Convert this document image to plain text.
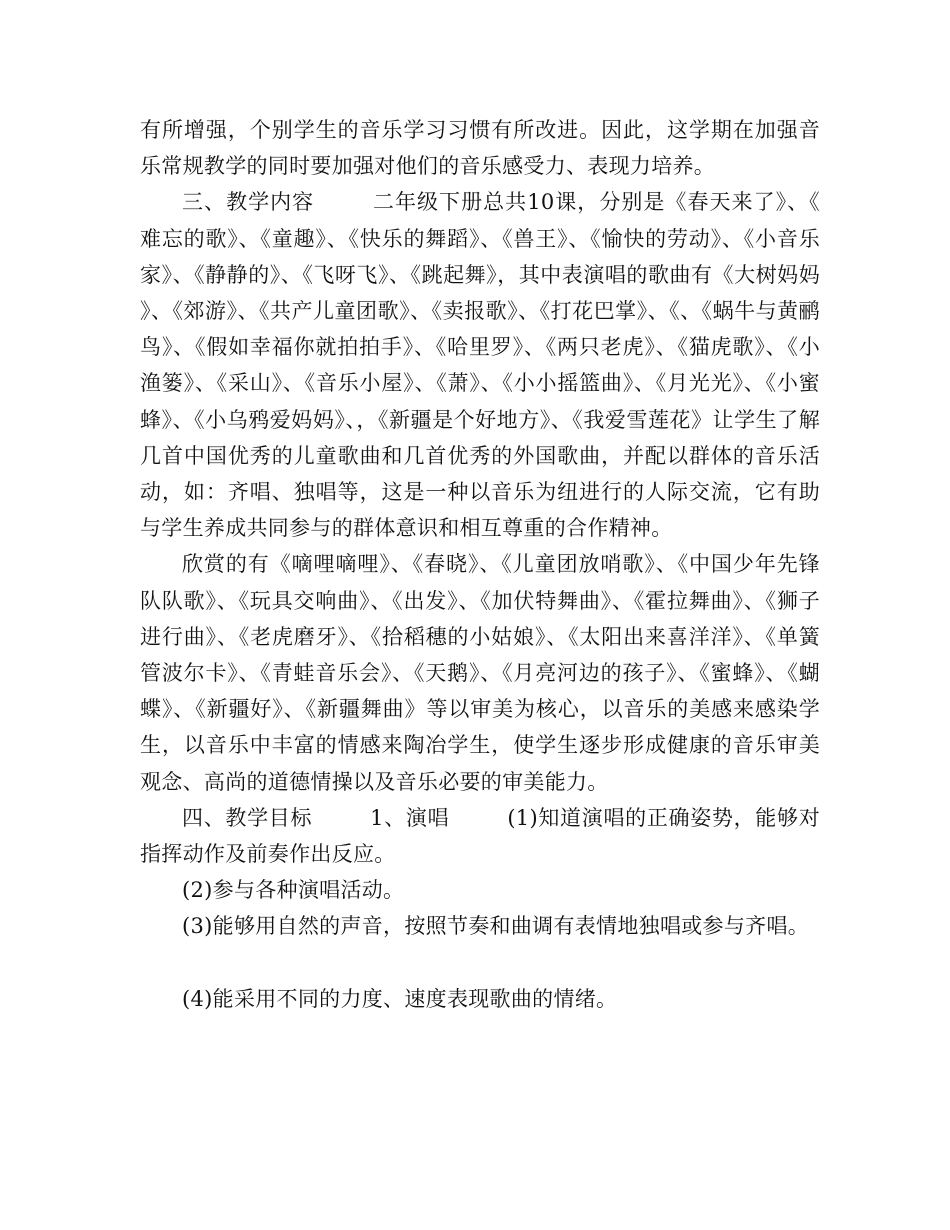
有所增强，个别学生的音乐学习习惯有所改进。因此，这学期在加强音乐常规教学的同时要加强对他们的音乐感受力、表现力培养。

三、教学内容	二年级下册总共10课，分别是《春天来了》、《难忘的歌》、《童趣》、《快乐的舞蹈》、《兽王》、《愉快的劳动》、《小音乐家》、《静静的》、《飞呀飞》、《跳起舞》，其中表演唱的歌曲有《大树妈妈》、《郊游》、《共产儿童团歌》、《卖报歌》、《打花巴掌》、《、《蜗牛与黄鹂鸟》、《假如幸福你就拍拍手》、《哈里罗》、《两只老虎》、《猫虎歌》、《小渔篓》、《采山》、《音乐小屋》、《萧》、《小小摇篮曲》、《月光光》、《小蜜蜂》、《小乌鸦爱妈妈》、，《新疆是个好地方》、《我爱雪莲花》让学生了解几首中国优秀的儿童歌曲和几首优秀的外国歌曲，并配以群体的音乐活动，如：齐唱、独唱等，这是一种以音乐为纽进行的人际交流，它有助与学生养成共同参与的群体意识和相互尊重的合作精神。

欣赏的有《嘀哩嘀哩》、《春晓》、《儿童团放哨歌》、《中国少年先锋队队歌》、《玩具交响曲》、《出发》、《加伏特舞曲》、《霍拉舞曲》、《狮子进行曲》、《老虎磨牙》、《拾稻穗的小姑娘》、《太阳出来喜洋洋》、《单簧管波尔卡》、《青蛙音乐会》、《天鹅》、《月亮河边的孩子》、《蜜蜂》、《蝴蝶》、《新疆好》、《新疆舞曲》等以审美为核心，以音乐的美感来感染学生，以音乐中丰富的情感来陶冶学生，使学生逐步形成健康的音乐审美观念、高尚的道德情操以及音乐必要的审美能力。

四、教学目标	1、演唱	(1)知道演唱的正确姿势，能够对指挥动作及前奏作出反应。

(2)参与各种演唱活动。

(3)能够用自然的声音，按照节奏和曲调有表情地独唱或参与齐唱。

(4)能采用不同的力度、速度表现歌曲的情绪。
